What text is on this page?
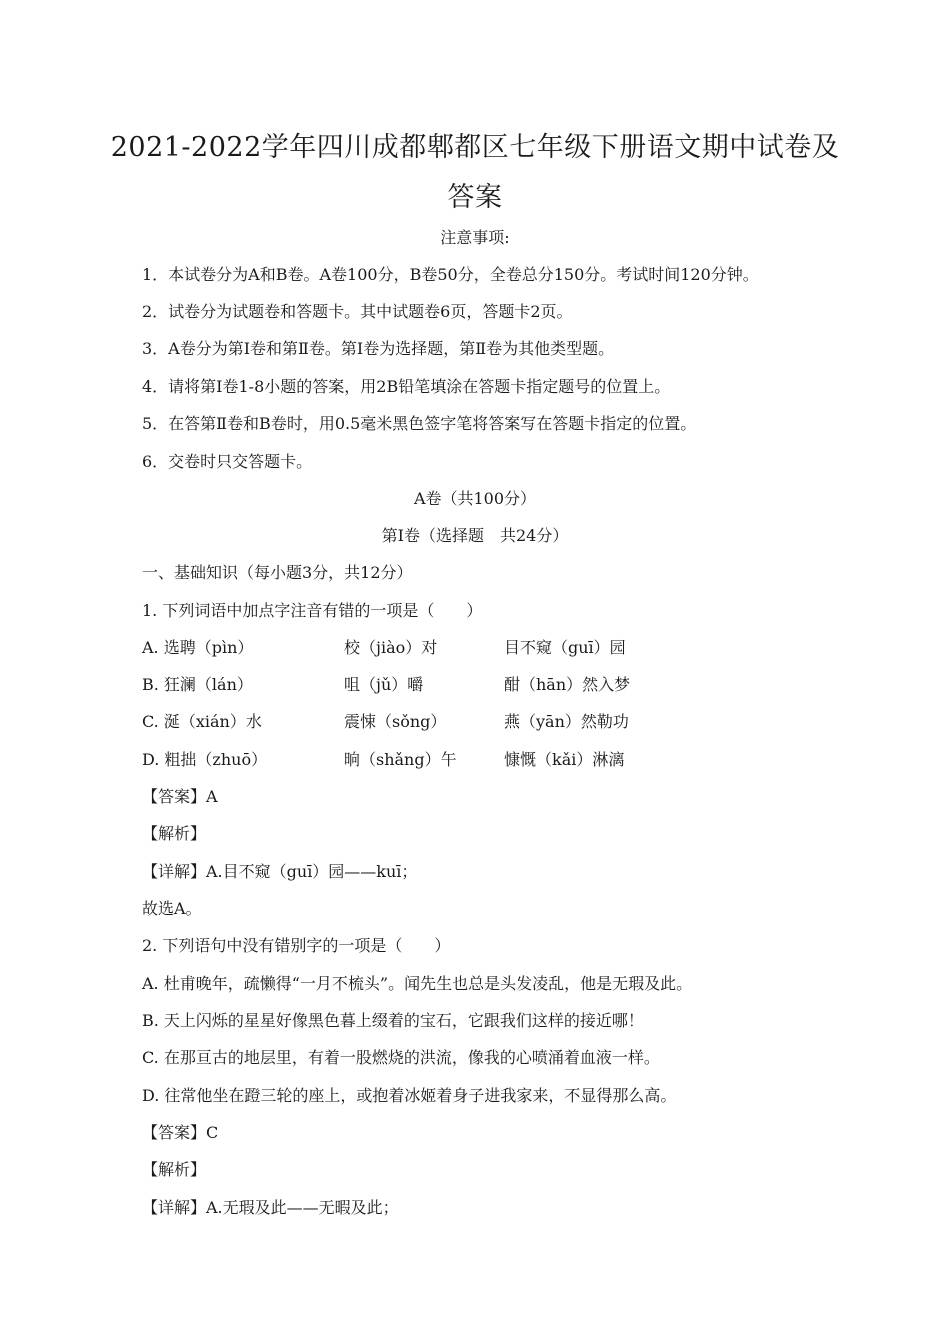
2021-2022学年四川成都郫都区七年级下册语文期中试卷及
答案
注意事项:
1．本试卷分为A和B卷。A卷100分，B卷50分，全卷总分150分。考试时间120分钟。
2．试卷分为试题卷和答题卡。其中试题卷6页，答题卡2页。
3．A卷分为第Ⅰ卷和第Ⅱ卷。第Ⅰ卷为选择题，第Ⅱ卷为其他类型题。
4．请将第Ⅰ卷1-8小题的答案，用2B铅笔填涂在答题卡指定题号的位置上。
5．在答第Ⅱ卷和B卷时，用0.5毫米黑色签字笔将答案写在答题卡指定的位置。
6．交卷时只交答题卡。
A卷（共100分）
第Ⅰ卷（选择题　共24分）
一、基础知识（每小题3分，共12分）
1. 下列词语中加点字注音有错的一项是（　　）
A. 选聘（pìn）	校（jiào）对	目不窥（guī）园
B. 狂澜（lán）	咀（jǔ）嚼	酣（hān）然入梦
C. 涎（xián）水	震悚（sǒng）	燕（yān）然勒功
D. 粗拙（zhuō）	晌（shǎng）午	慷慨（kǎi）淋漓
【答案】A
【解析】
【详解】A.目不窥（guī）园——kuī；
故选A。
2. 下列语句中没有错别字的一项是（　　）
A. 杜甫晚年，疏懒得“一月不梳头”。闻先生也总是头发凌乱，他是无瑕及此。
B. 天上闪烁的星星好像黑色暮上缀着的宝石，它跟我们这样的接近哪！
C. 在那亘古的地层里，有着一股燃烧的洪流，像我的心喷涌着血液一样。
D. 往常他坐在蹬三轮的座上，或抱着冰姬着身子进我家来，不显得那么高。
【答案】C
【解析】
【详解】A.无瑕及此——无暇及此；
